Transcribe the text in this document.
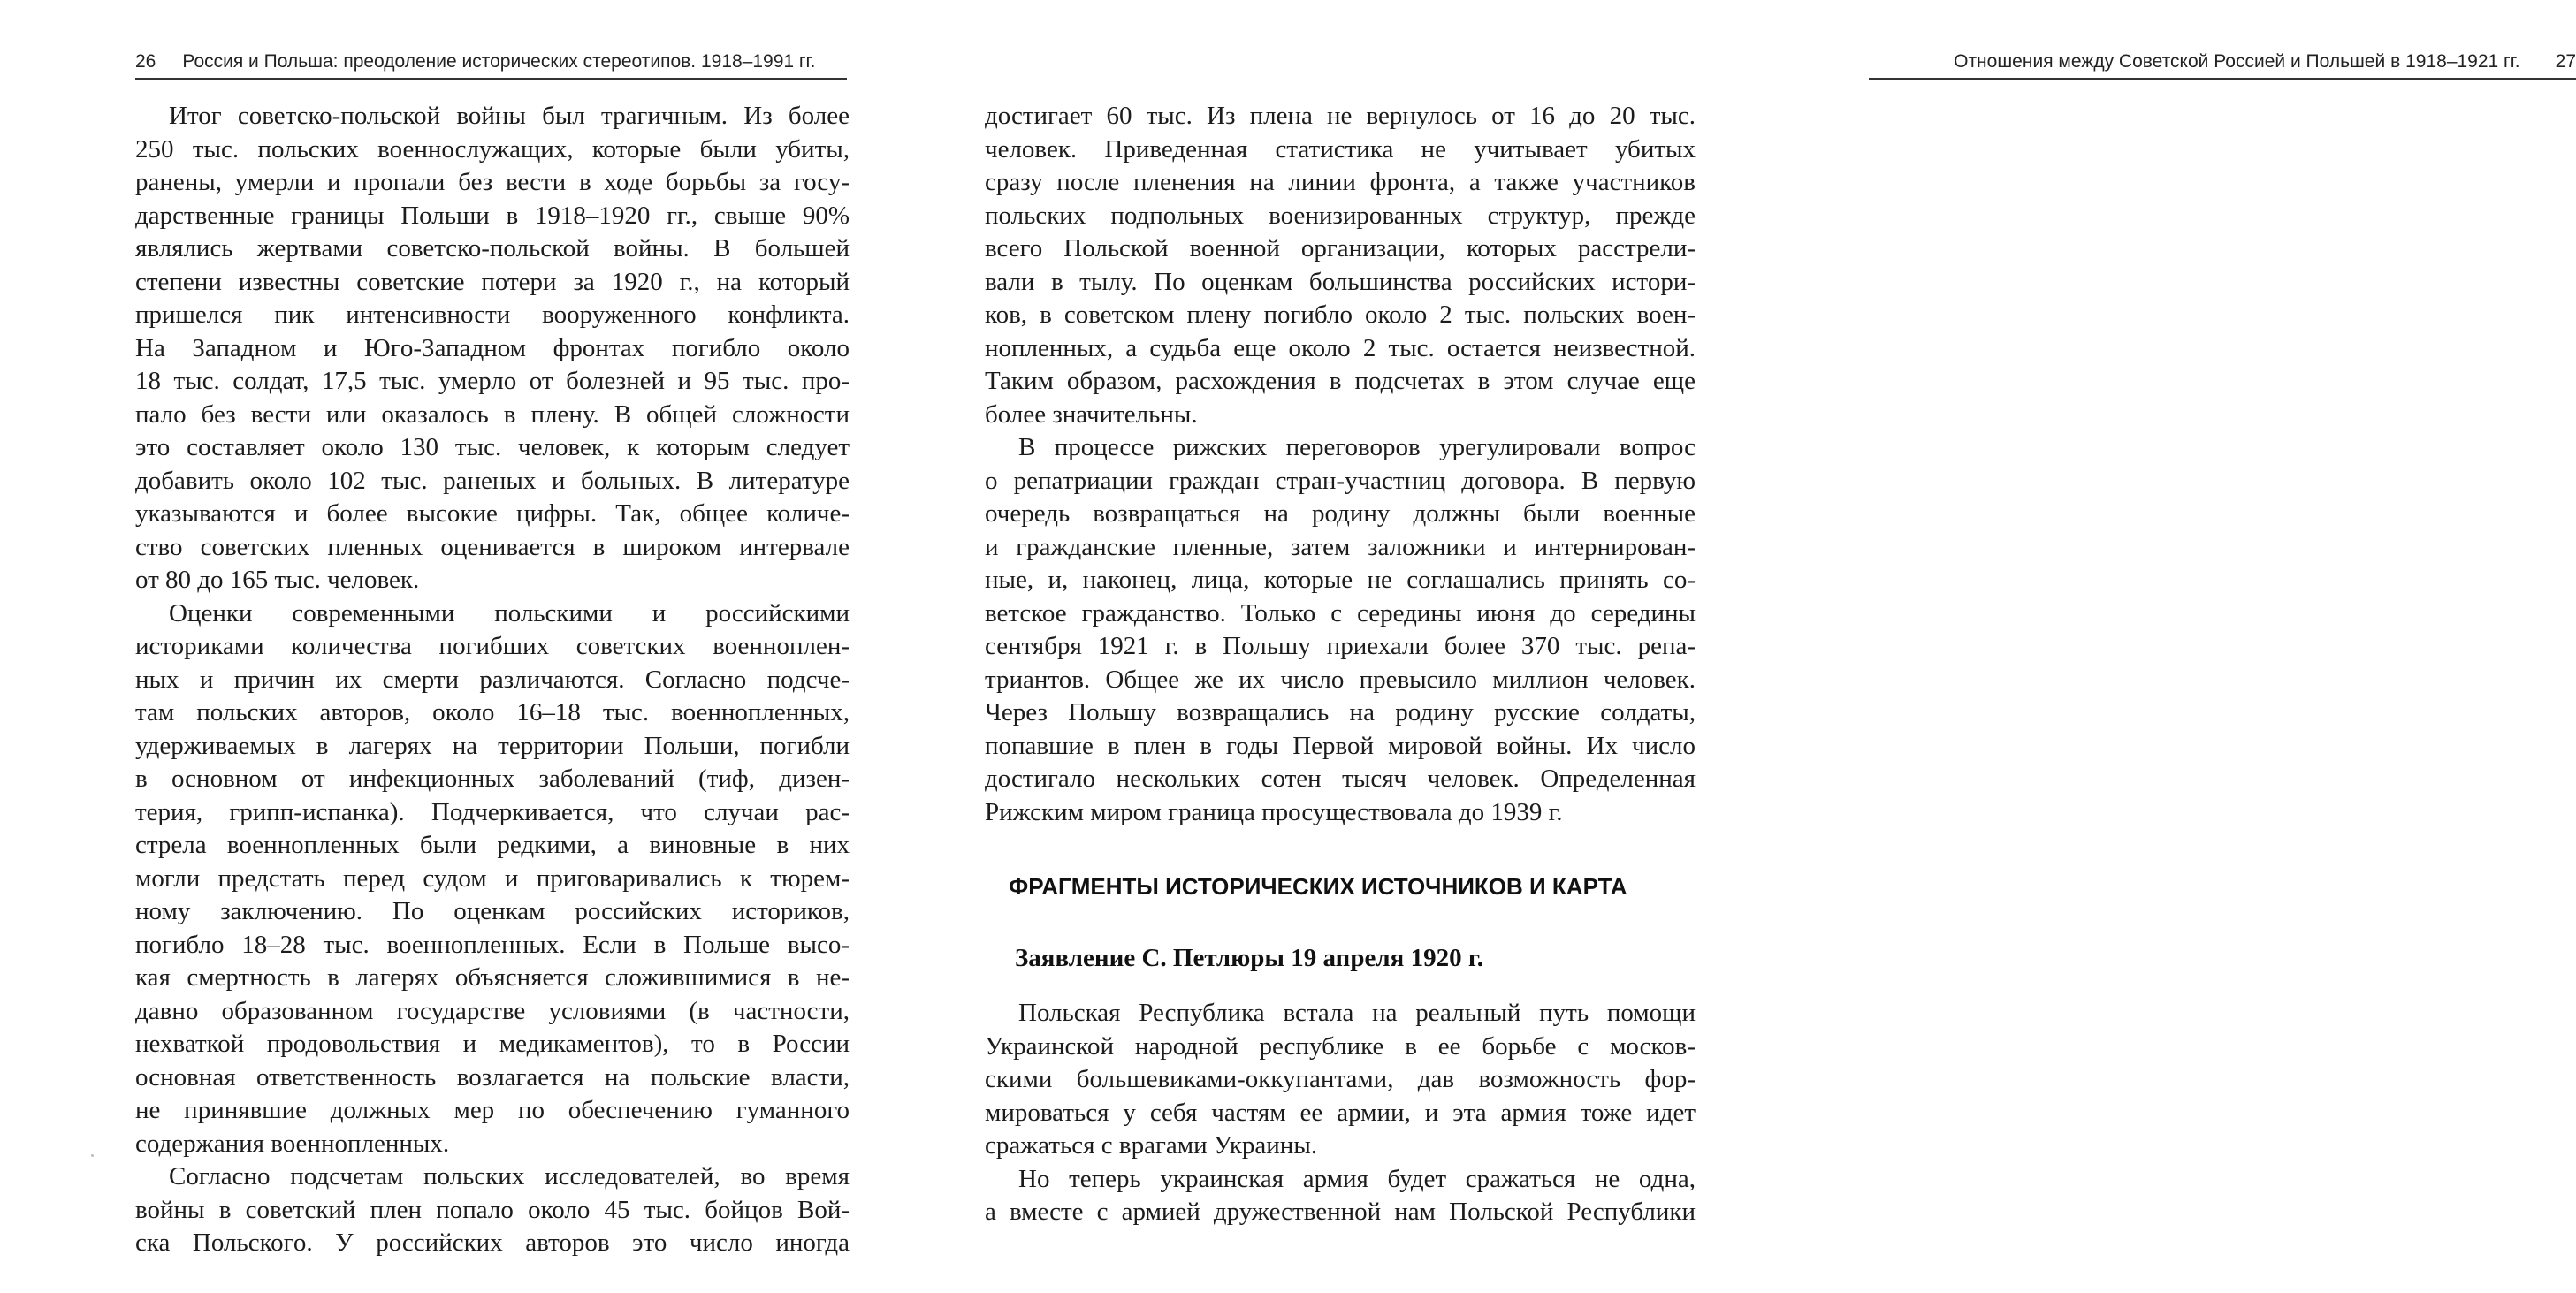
26 Россия и Польша: преодоление исторических стереотипов. 1918–1991 гг.
Итог советско-польской войны был трагичным. Из более
250 тыс. польских военнослужащих, которые были убиты,
ранены, умерли и пропали без вести в ходе борьбы за госу-
дарственные границы Польши в 1918–1920 гг., свыше 90%
являлись жертвами советско-польской войны. В большей
степени известны советские потери за 1920 г., на который
пришелся пик интенсивности вооруженного конфликта.
На Западном и Юго-Западном фронтах погибло около
18 тыс. солдат, 17,5 тыс. умерло от болезней и 95 тыс. про-
пало без вести или оказалось в плену. В общей сложности
это составляет около 130 тыс. человек, к которым следует
добавить около 102 тыс. раненых и больных. В литературе
указываются и более высокие цифры. Так, общее количе-
ство советских пленных оценивается в широком интервале
от 80 до 165 тыс. человек.
Оценки современными польскими и российскими
историками количества погибших советских военноплен-
ных и причин их смерти различаются. Согласно подсче-
там польских авторов, около 16–18 тыс. военнопленных,
удерживаемых в лагерях на территории Польши, погибли
в основном от инфекционных заболеваний (тиф, дизен-
терия, грипп-испанка). Подчеркивается, что случаи рас-
стрела военнопленных были редкими, а виновные в них
могли предстать перед судом и приговаривались к тюрем-
ному заключению. По оценкам российских историков,
погибло 18–28 тыс. военнопленных. Если в Польше высо-
кая смертность в лагерях объясняется сложившимися в не-
давно образованном государстве условиями (в частности,
нехваткой продовольствия и медикаментов), то в России
основная ответственность возлагается на польские власти,
не принявшие должных мер по обеспечению гуманного
содержания военнопленных.
Согласно подсчетам польских исследователей, во время
войны в советский плен попало около 45 тыс. бойцов Вой-
ска Польского. У российских авторов это число иногда
Отношения между Советской Россией и Польшей в 1918–1921 гг. 27
достигает 60 тыс. Из плена не вернулось от 16 до 20 тыс.
человек. Приведенная статистика не учитывает убитых
сразу после пленения на линии фронта, а также участников
польских подпольных военизированных структур, прежде
всего Польской военной организации, которых расстрели-
вали в тылу. По оценкам большинства российских истори-
ков, в советском плену погибло около 2 тыс. польских воен-
нопленных, а судьба еще около 2 тыс. остается неизвестной.
Таким образом, расхождения в подсчетах в этом случае еще
более значительны.
В процессе рижских переговоров урегулировали вопрос
о репатриации граждан стран-участниц договора. В первую
очередь возвращаться на родину должны были военные
и гражданские пленные, затем заложники и интернирован-
ные, и, наконец, лица, которые не соглашались принять со-
ветское гражданство. Только с середины июня до середины
сентября 1921 г. в Польшу приехали более 370 тыс. репа-
триантов. Общее же их число превысило миллион человек.
Через Польшу возвращались на родину русские солдаты,
попавшие в плен в годы Первой мировой войны. Их число
достигало нескольких сотен тысяч человек. Определенная
Рижским миром граница просуществовала до 1939 г.
ФРАГМЕНТЫ ИСТОРИЧЕСКИХ ИСТОЧНИКОВ И КАРТА
Заявление С. Петлюры 19 апреля 1920 г.
Польская Республика встала на реальный путь помощи
Украинской народной республике в ее борьбе с москов-
скими большевиками-оккупантами, дав возможность фор-
мироваться у себя частям ее армии, и эта армия тоже идет
сражаться с врагами Украины.
Но теперь украинская армия будет сражаться не одна,
а вместе с армией дружественной нам Польской Республики
